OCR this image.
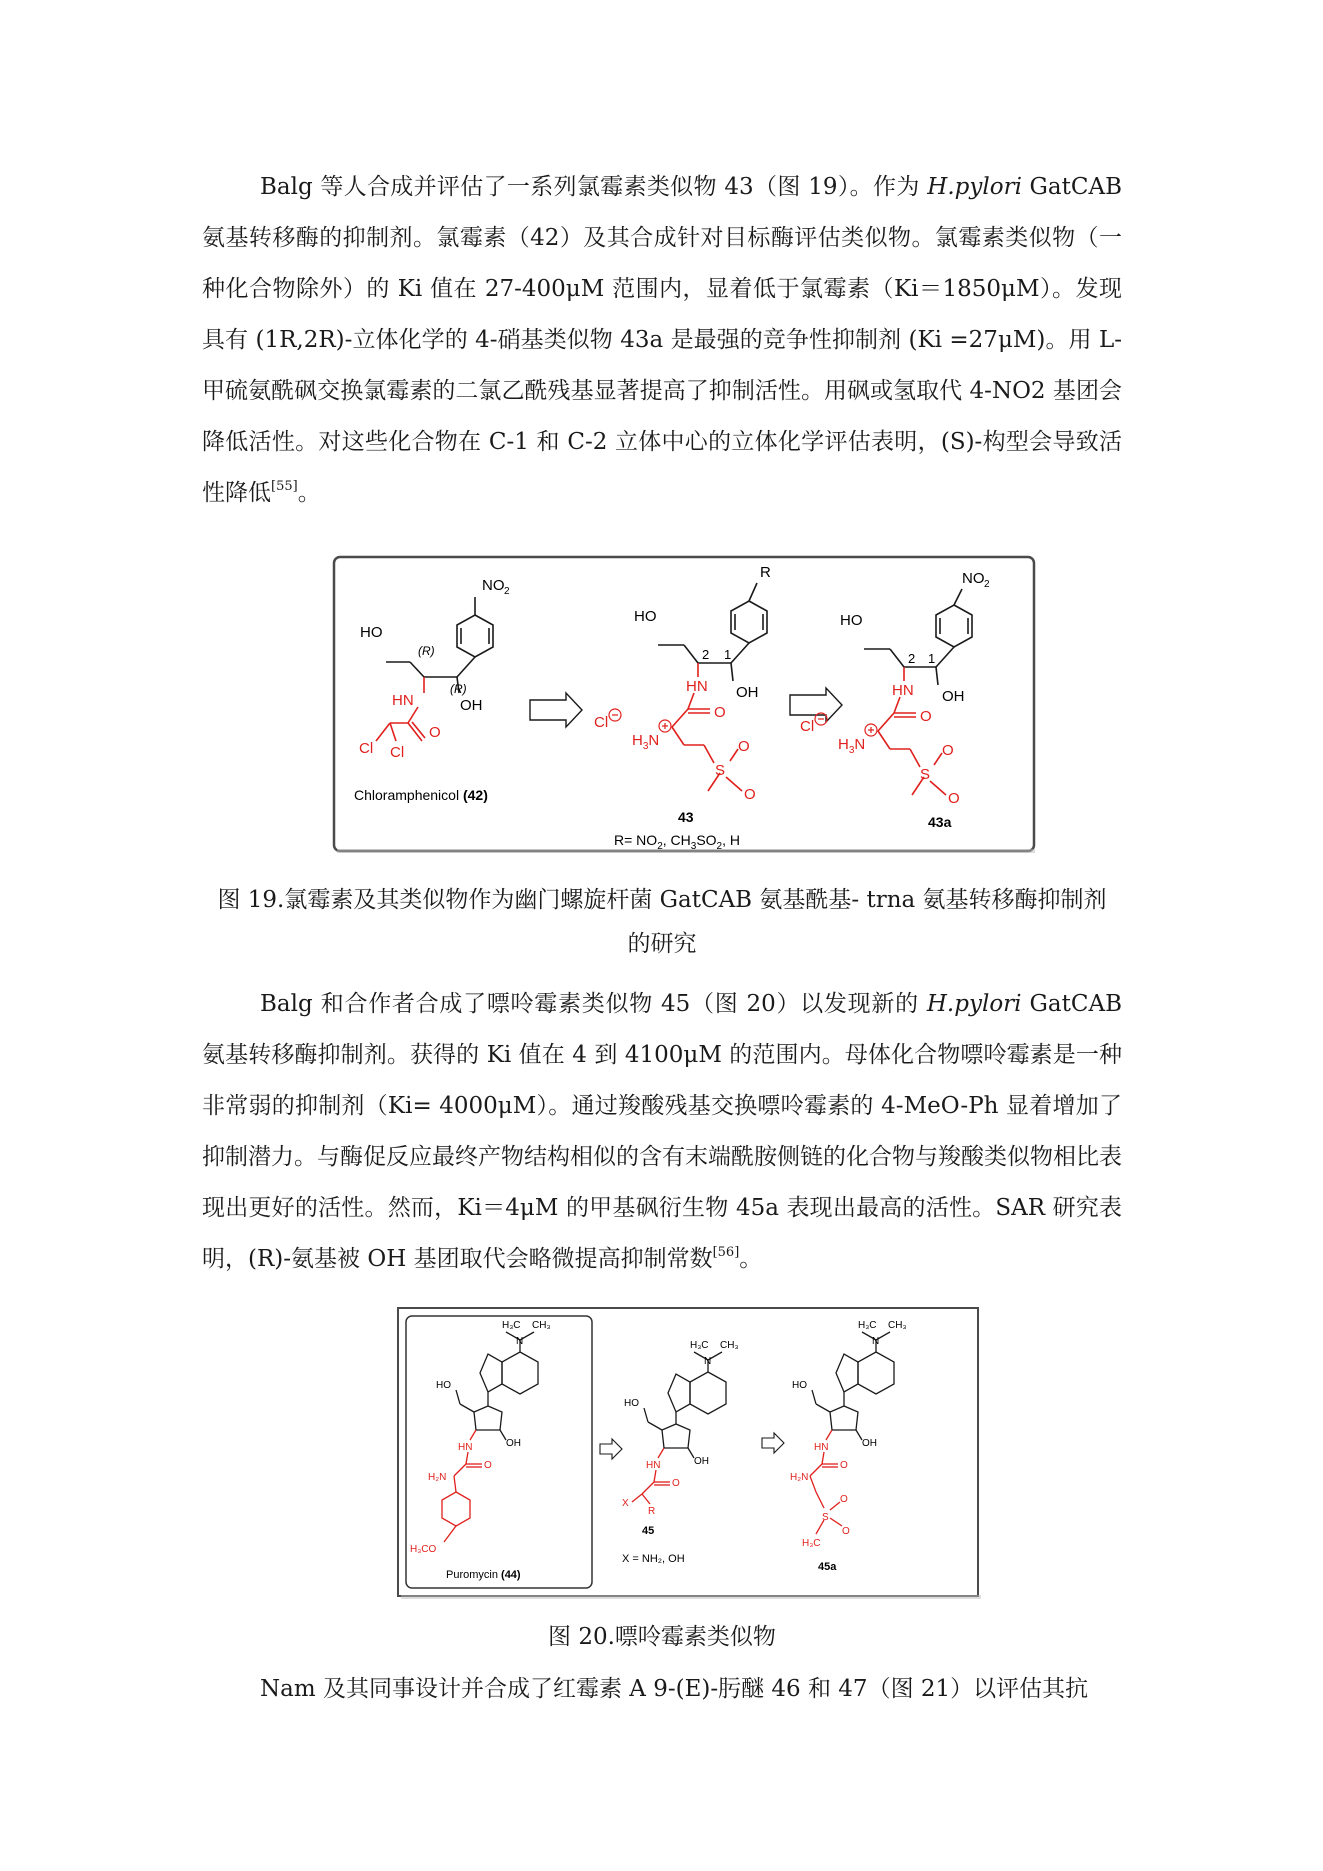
Balg 等人合成并评估了一系列氯霉素类似物 43（图 19）。作为 H.pylori GatCAB 氨基转移酶的抑制剂。氯霉素（42）及其合成针对目标酶评估类似物。氯霉素类似物（一种化合物除外）的 Ki 值在 27-400μM 范围内，显着低于氯霉素（Ki＝1850μM）。发现具有 (1R,2R)-立体化学的 4-硝基类似物 43a 是最强的竞争性抑制剂 (Ki =27μM)。用 L-甲硫氨酰砜交换氯霉素的二氯乙酰残基显著提高了抑制活性。用砜或氢取代 4-NO2 基团会降低活性。对这些化合物在 C-1 和 C-2 立体中心的立体化学评估表明，(S)-构型会导致活性降低[55]。

NO 2
HO
OH
(R)
(R)
HN
O
Cl Cl
Chloramphenicol (42)
R
HO
2 1
OH
HN
O
Cl
$H_3N$
S
O
O
43
$R= NO_2$, $CH_3SO_2$, H
NO 2
HO
2 1
OH
HN
O
Cl
$H_3N$
S
O
O
43a

图 19.氯霉素及其类似物作为幽门螺旋杆菌 GatCAB 氨基酰基- trna 氨基转移酶抑制剂
的研究

Balg 和合作者合成了嘌呤霉素类似物 45（图 20）以发现新的 H.pylori GatCAB 氨基转移酶抑制剂。获得的 Ki 值在 4 到 4100μM 的范围内。母体化合物嘌呤霉素是一种非常弱的抑制剂（Ki= 4000μM）。通过羧酸残基交换嘌呤霉素的 4-MeO-Ph 显着增加了抑制潜力。与酶促反应最终产物结构相似的含有末端酰胺侧链的化合物与羧酸类似物相比表现出更好的活性。然而，Ki＝4μM 的甲基砜衍生物 45a 表现出最高的活性。SAR 研究表明，(R)-氨基被 OH 基团取代会略微提高抑制常数[56]。

H₃C CH₃
N
HO
OH
HN
O
H₂N
H₃CO
Puromycin (44)
H₃C CH₃
N
HO
OH
HN
O
X
R
45
X = NH₂, OH
H₃C CH₃
N
HO
OH
HN
O
H₂N
S
O
O
H₃C
45a

图 20.嘌呤霉素类似物

Nam 及其同事设计并合成了红霉素 A 9-(E)-肟醚 46 和 47（图 21）以评估其抗
